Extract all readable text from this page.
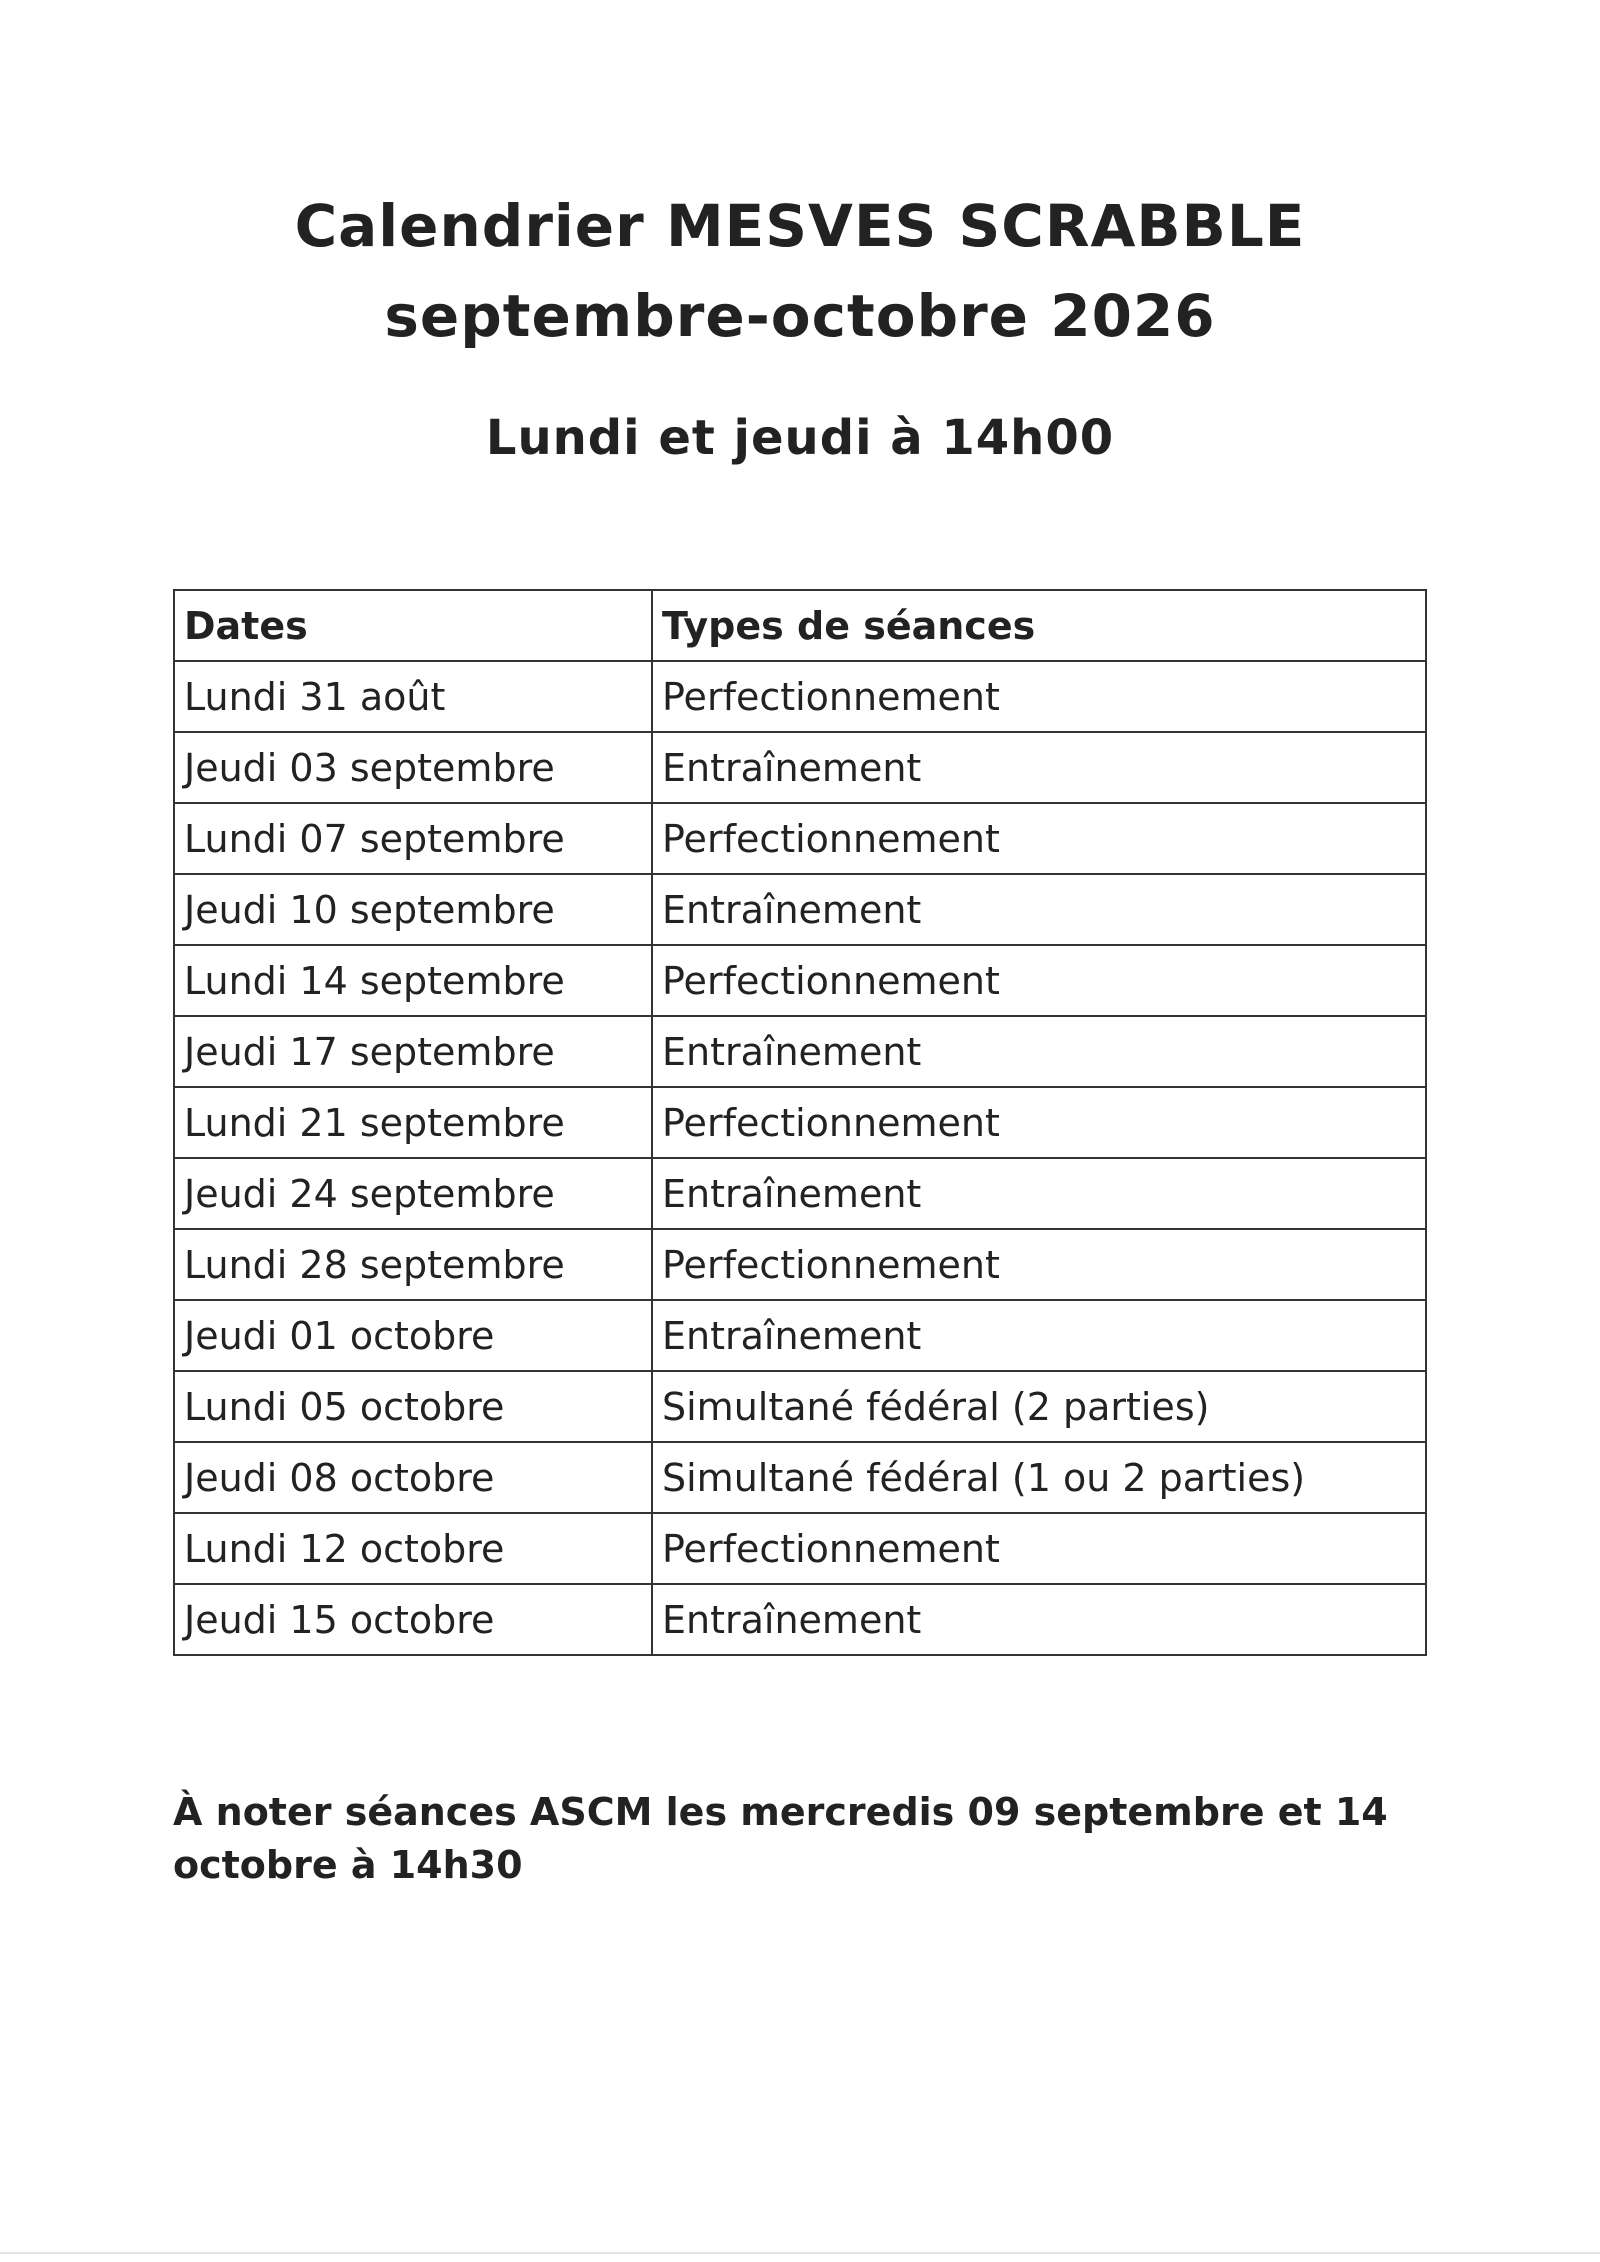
Calendrier MESVES SCRABBLE
septembre-octobre 2026
Lundi et jeudi à 14h00
Dates	Types de séances
Lundi 31 août	Perfectionnement
Jeudi 03 septembre	Entraînement
Lundi 07 septembre	Perfectionnement
Jeudi 10 septembre	Entraînement
Lundi 14 septembre	Perfectionnement
Jeudi 17 septembre	Entraînement
Lundi 21 septembre	Perfectionnement
Jeudi 24 septembre	Entraînement
Lundi 28 septembre	Perfectionnement
Jeudi 01 octobre	Entraînement
Lundi 05 octobre	Simultané fédéral (2 parties)
Jeudi 08 octobre	Simultané fédéral (1 ou 2 parties)
Lundi 12 octobre	Perfectionnement
Jeudi 15 octobre	Entraînement
À noter séances ASCM les mercredis 09 septembre et 14 octobre à 14h30
